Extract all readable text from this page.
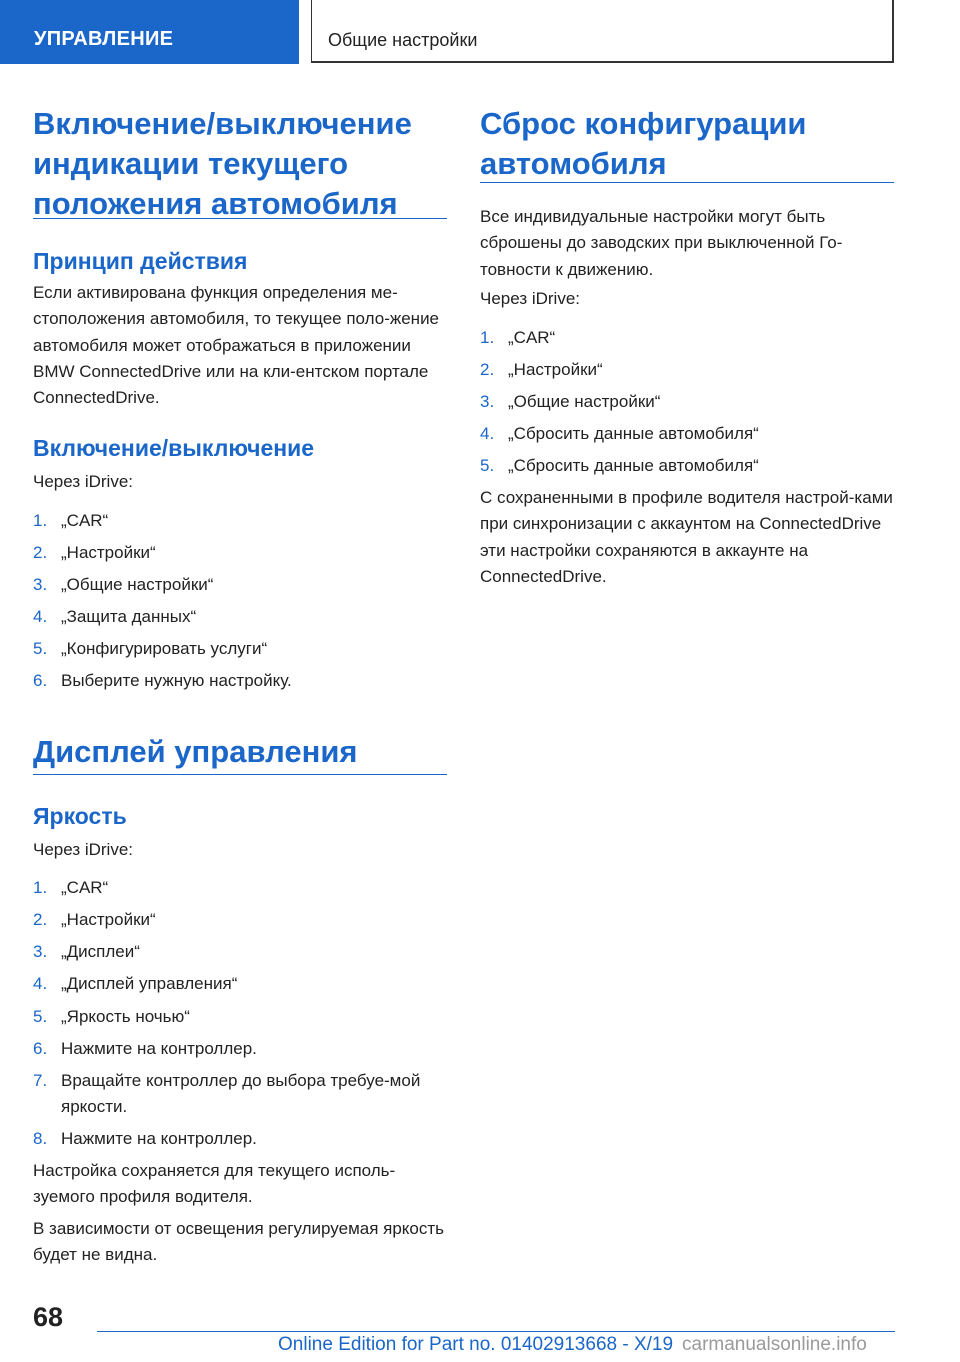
УПРАВЛЕНИЕ	Общие настройки
Включение/выключение индикации текущего положения автомобиля
Принцип действия

Если активирована функция определения ме-стоположения автомобиля, то текущее поло-жение автомобиля может отображаться в приложении BMW ConnectedDrive или на кли-ентском портале ConnectedDrive.

Включение/выключение

Через iDrive:

1. „CAR“
2. „Настройки“
3. „Общие настройки“
4. „Защита данных“
5. „Конфигурировать услуги“
6. Выберите нужную настройку.
Дисплей управления
Яркость

Через iDrive:

1. „CAR“
2. „Настройки“
3. „Дисплеи“
4. „Дисплей управления“
5. „Яркость ночью“
6. Нажмите на контроллер.
7. Вращайте контроллер до выбора требуе-мой яркости.
8. Нажмите на контроллер.

Настройка сохраняется для текущего исполь-зуемого профиля водителя.

В зависимости от освещения регулируемая яркость будет не видна.

Сброс конфигурации автомобиля

Все индивидуальные настройки могут быть сброшены до заводских при выключенной Го-товности к движению.

Через iDrive:

1. „CAR“
2. „Настройки“
3. „Общие настройки“
4. „Сбросить данные автомобиля“
5. „Сбросить данные автомобиля“

С сохраненными в профиле водителя настрой-ками при синхронизации с аккаунтом на ConnectedDrive эти настройки сохраняются в аккаунте на ConnectedDrive.

68
Online Edition for Part no. 01402913668 - X/19 carmanualsonline.info
